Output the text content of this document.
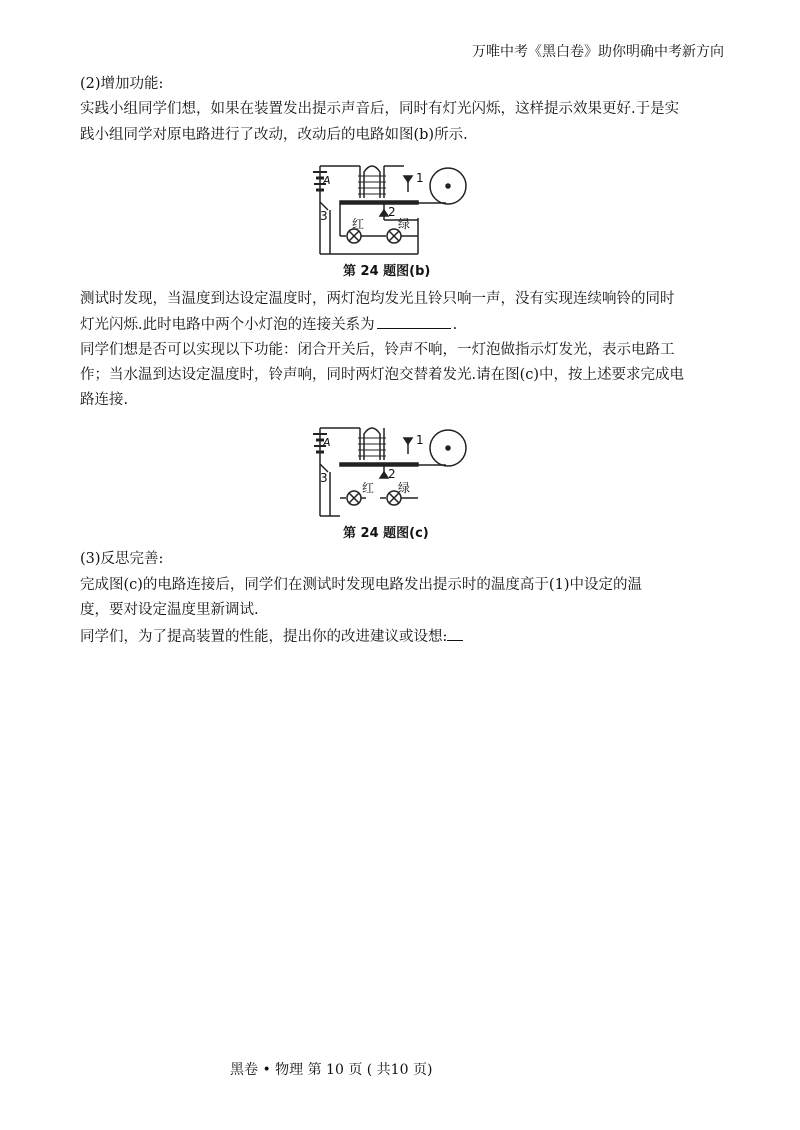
万唯中考《黑白卷》助你明确中考新方向
(2)增加功能:
实践小组同学们想，如果在装置发出提示声音后，同时有灯光闪烁，这样提示效果更好.于是实
践小组同学对原电路进行了改动，改动后的电路如图(b)所示.
A	1
2
3
红	绿
第 24 题图(b)
测试时发现，当温度到达设定温度时，两灯泡均发光且铃只响一声，没有实现连续响铃的同时
灯光闪烁.此时电路中两个小灯泡的连接关系为	.
同学们想是否可以实现以下功能：闭合开关后，铃声不响，一灯泡做指示灯发光，表示电路工
作；当水温到达设定温度时，铃声响，同时两灯泡交替着发光.请在图(c)中，按上述要求完成电
路连接.
A	1
2
3
红 绿
第 24 题图(c)
(3)反思完善:
完成图(c)的电路连接后，同学们在测试时发现电路发出提示时的温度高于(1)中设定的温
度，要对设定温度里新调试.
同学们，为了提高装置的性能，提出你的改进建议或设想:
黑卷 • 物理 第 10 页 ( 共10 页)
